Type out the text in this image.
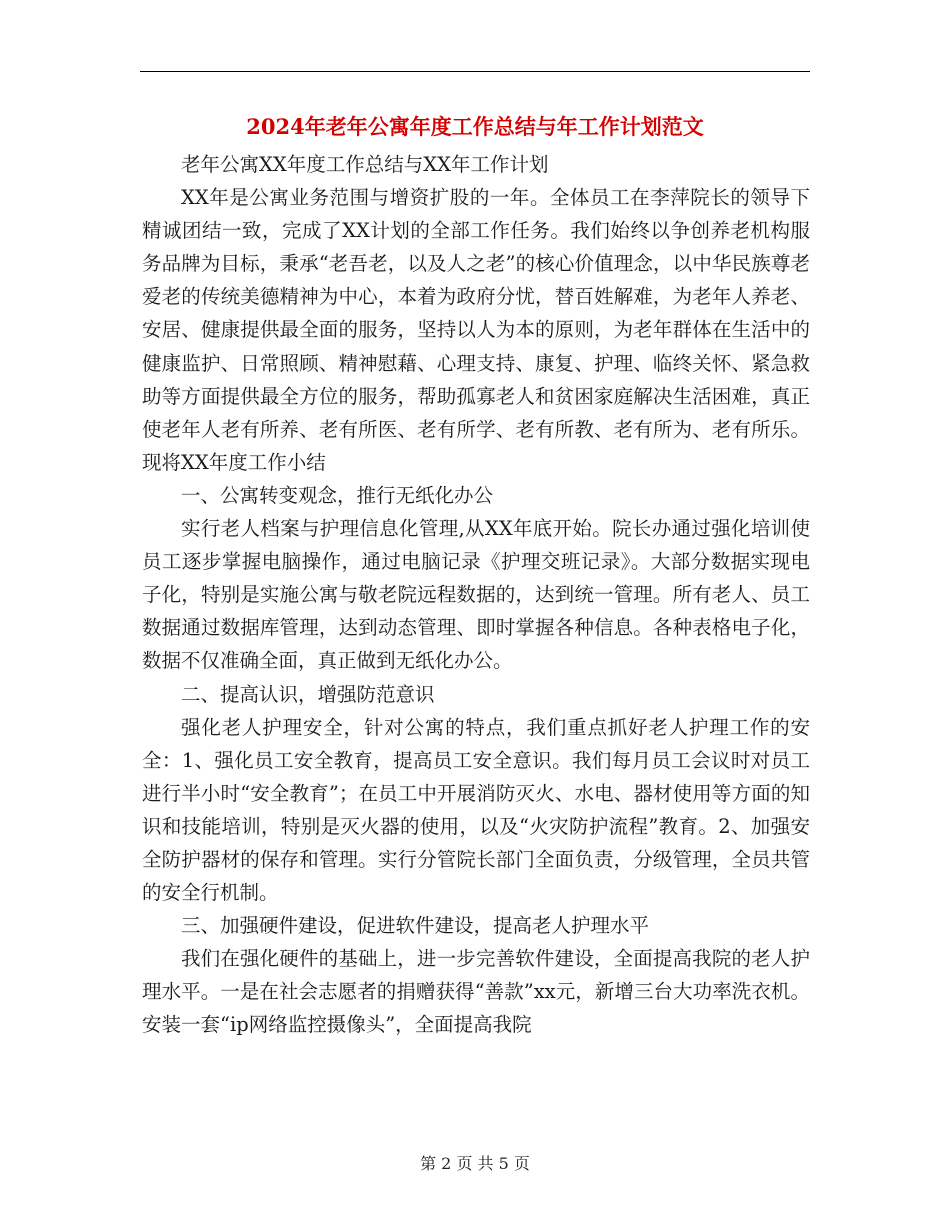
2024年老年公寓年度工作总结与年工作计划范文

老年公寓XX年度工作总结与XX年工作计划

XX年是公寓业务范围与增资扩股的一年。全体员工在李萍院长的领导下精诚团结一致，完成了XX计划的全部工作任务。我们始终以争创养老机构服务品牌为目标，秉承“老吾老，以及人之老”的核心价值理念，以中华民族尊老爱老的传统美德精神为中心，本着为政府分忧，替百姓解难，为老年人养老、安居、健康提供最全面的服务，坚持以人为本的原则，为老年群体在生活中的健康监护、日常照顾、精神慰藉、心理支持、康复、护理、临终关怀、紧急救助等方面提供最全方位的服务，帮助孤寡老人和贫困家庭解决生活困难，真正使老年人老有所养、老有所医、老有所学、老有所教、老有所为、老有所乐。现将XX年度工作小结

一、公寓转变观念，推行无纸化办公

实行老人档案与护理信息化管理,从XX年底开始。院长办通过强化培训使员工逐步掌握电脑操作，通过电脑记录《护理交班记录》。大部分数据实现电子化，特别是实施公寓与敬老院远程数据的，达到统一管理。所有老人、员工数据通过数据库管理，达到动态管理、即时掌握各种信息。各种表格电子化，数据不仅准确全面，真正做到无纸化办公。

二、提高认识，增强防范意识

强化老人护理安全，针对公寓的特点，我们重点抓好老人护理工作的安全：1、强化员工安全教育，提高员工安全意识。我们每月员工会议时对员工进行半小时“安全教育”；在员工中开展消防灭火、水电、器材使用等方面的知识和技能培训，特别是灭火器的使用，以及“火灾防护流程”教育。2、加强安全防护器材的保存和管理。实行分管院长部门全面负责，分级管理，全员共管的安全行机制。

三、加强硬件建设，促进软件建设，提高老人护理水平

我们在强化硬件的基础上，进一步完善软件建设，全面提高我院的老人护理水平。一是在社会志愿者的捐赠获得“善款”xx元，新增三台大功率洗衣机。安装一套“ip网络监控摄像头”，全面提高我院

第 2 页 共 5 页
